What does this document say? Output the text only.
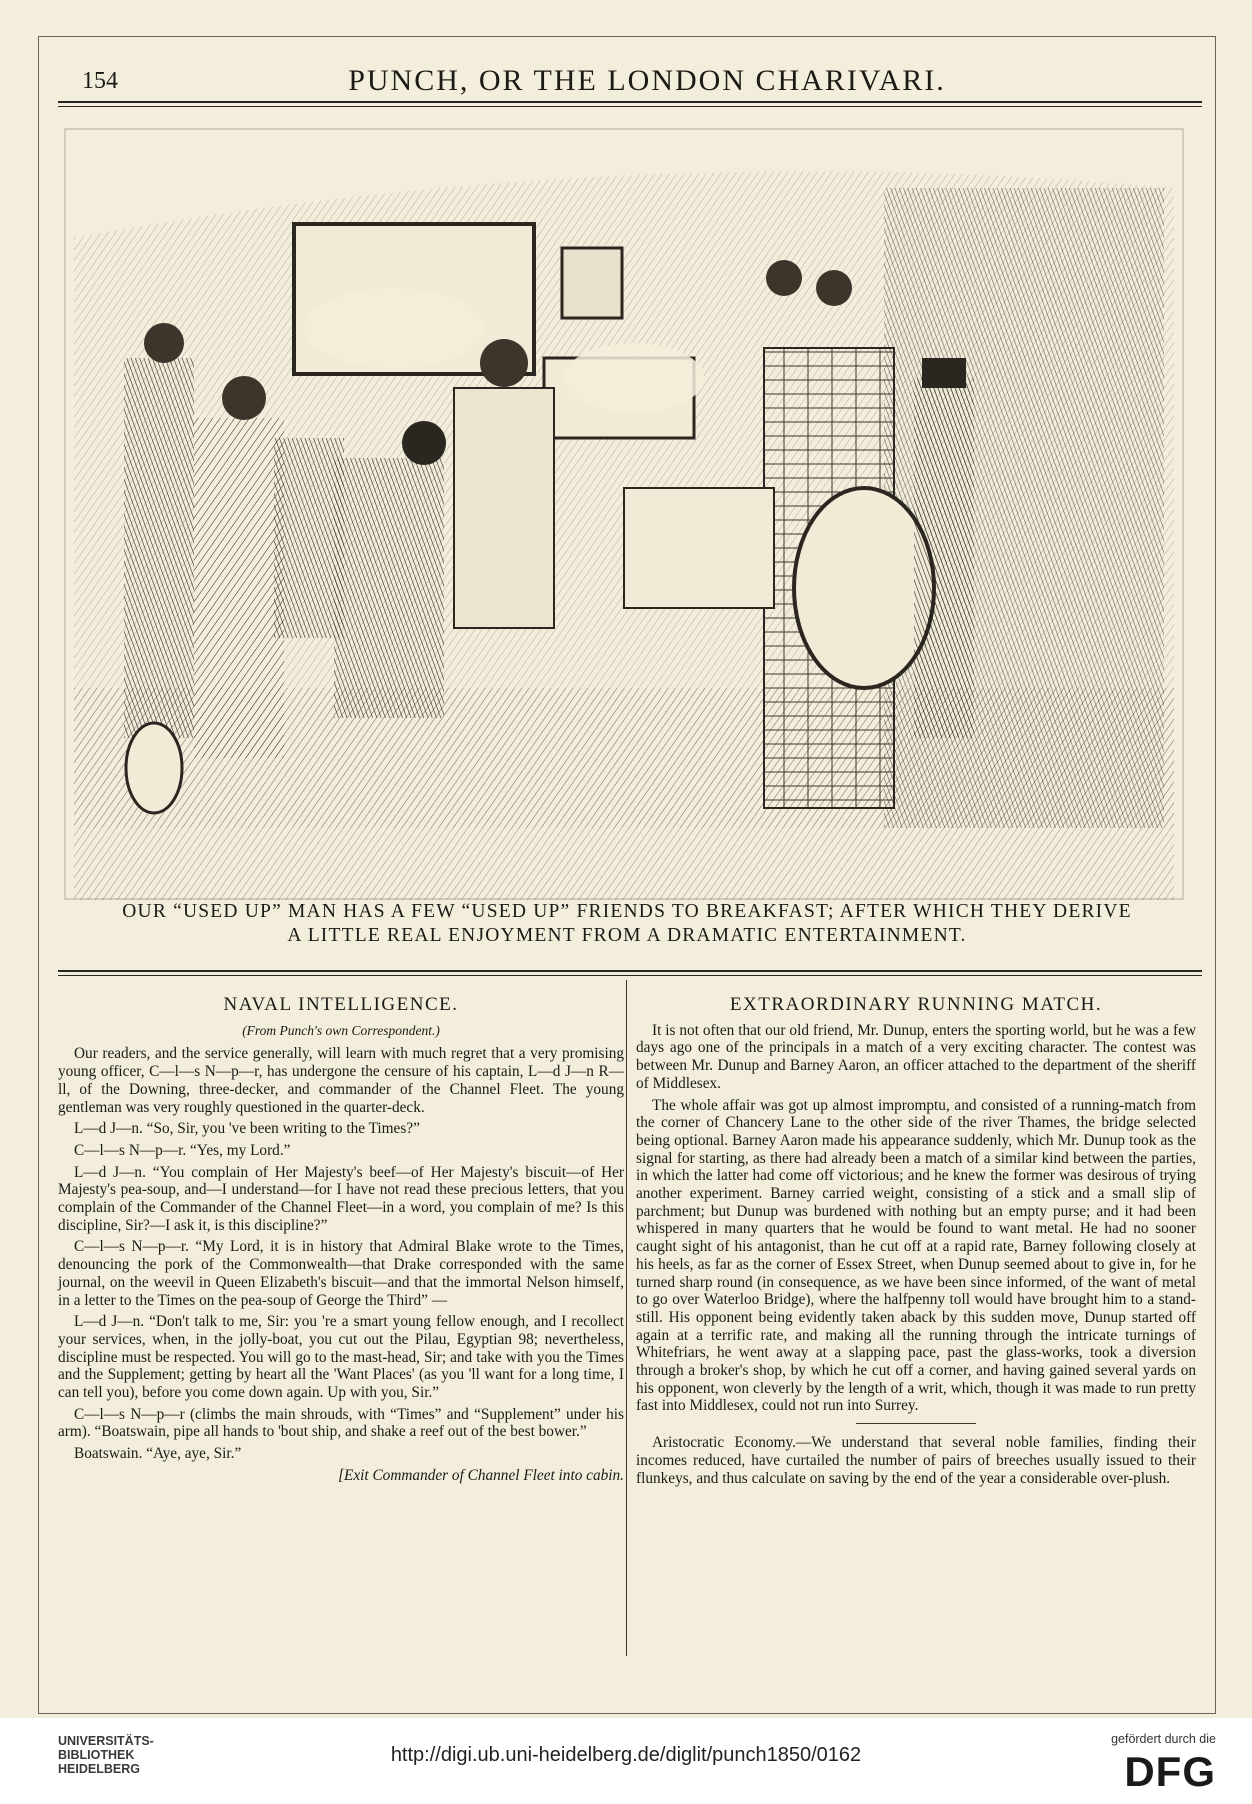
154	PUNCH, OR THE LONDON CHARIVARI.
OUR “USED UP” MAN HAS A FEW “USED UP” FRIENDS TO BREAKFAST; AFTER WHICH THEY DERIVE
A LITTLE REAL ENJOYMENT FROM A DRAMATIC ENTERTAINMENT.
NAVAL INTELLIGENCE.
(From Punch's own Correspondent.)

Our readers, and the service generally, will learn with much regret that a very promising young officer, C—l—s N—p—r, has undergone the censure of his captain, L—d J—n R—ll, of the Downing, three-decker, and commander of the Channel Fleet. The young gentleman was very roughly questioned in the quarter-deck.

L—d J—n. “So, Sir, you 've been writing to the Times?”

C—l—s N—p—r. “Yes, my Lord.”

L—d J—n. “You complain of Her Majesty's beef—of Her Majesty's biscuit—of Her Majesty's pea-soup, and—I understand—for I have not read these precious letters, that you complain of the Commander of the Channel Fleet—in a word, you complain of me? Is this discipline, Sir?—I ask it, is this discipline?”

C—l—s N—p—r. “My Lord, it is in history that Admiral Blake wrote to the Times, denouncing the pork of the Commonwealth—that Drake corresponded with the same journal, on the weevil in Queen Elizabeth's biscuit—and that the immortal Nelson himself, in a letter to the Times on the pea-soup of George the Third” —

L—d J—n. “Don't talk to me, Sir: you 're a smart young fellow enough, and I recollect your services, when, in the jolly-boat, you cut out the Pilau, Egyptian 98; nevertheless, discipline must be respected. You will go to the mast-head, Sir; and take with you the Times and the Supplement; getting by heart all the 'Want Places' (as you 'll want for a long time, I can tell you), before you come down again. Up with you, Sir.”

C—l—s N—p—r (climbs the main shrouds, with “Times” and “Supplement” under his arm). “Boatswain, pipe all hands to 'bout ship, and shake a reef out of the best bower.”

Boatswain. “Aye, aye, Sir.”

[Exit Commander of Channel Fleet into cabin.
EXTRAORDINARY RUNNING MATCH.

It is not often that our old friend, Mr. Dunup, enters the sporting world, but he was a few days ago one of the principals in a match of a very exciting character. The contest was between Mr. Dunup and Barney Aaron, an officer attached to the department of the sheriff of Middlesex.

The whole affair was got up almost impromptu, and consisted of a running-match from the corner of Chancery Lane to the other side of the river Thames, the bridge selected being optional. Barney Aaron made his appearance suddenly, which Mr. Dunup took as the signal for starting, as there had already been a match of a similar kind between the parties, in which the latter had come off victorious; and he knew the former was desirous of trying another experiment. Barney carried weight, consisting of a stick and a small slip of parchment; but Dunup was burdened with nothing but an empty purse; and it had been whispered in many quarters that he would be found to want metal. He had no sooner caught sight of his antagonist, than he cut off at a rapid rate, Barney following closely at his heels, as far as the corner of Essex Street, when Dunup seemed about to give in, for he turned sharp round (in consequence, as we have been since informed, of the want of metal to go over Waterloo Bridge), where the halfpenny toll would have brought him to a stand-still. His opponent being evidently taken aback by this sudden move, Dunup started off again at a terrific rate, and making all the running through the intricate turnings of Whitefriars, he went away at a slapping pace, past the glass-works, took a diversion through a broker's shop, by which he cut off a corner, and having gained several yards on his opponent, won cleverly by the length of a writ, which, though it was made to run pretty fast into Middlesex, could not run into Surrey.

Aristocratic Economy.—We understand that several noble families, finding their incomes reduced, have curtailed the number of pairs of breeches usually issued to their flunkeys, and thus calculate on saving by the end of the year a considerable over-plush.

UNIVERSITÄTS-
BIBLIOTHEK
HEIDELBERG
http://digi.ub.uni-heidelberg.de/diglit/punch1850/0162
gefördert durch die
DFG
